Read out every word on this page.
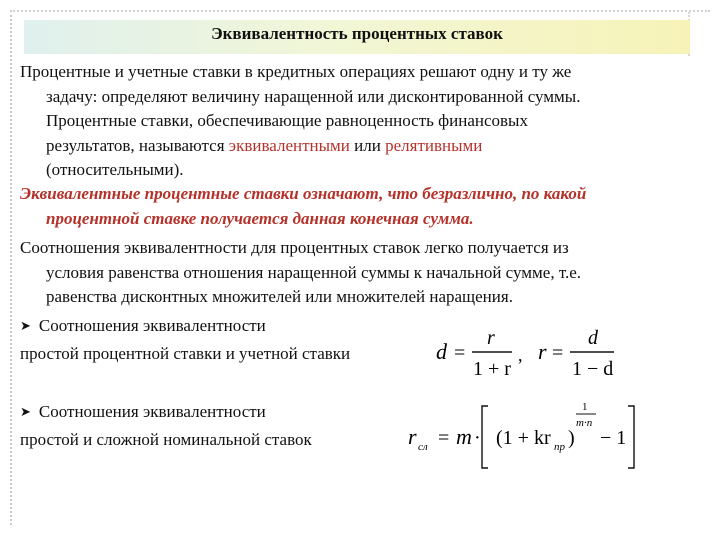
Эквивалентность процентных ставок
Процентные и учетные ставки в кредитных операциях решают одну и ту же
задачу: определяют величину наращенной или дисконтированной суммы.
Процентные ставки, обеспечивающие равноценность финансовых
результатов, называются эквивалентными или релятивными
(относительными).
Эквивалентные процентные ставки означают, что безразлично, по какой
процентной ставке получается данная конечная сумма.
Соотношения эквивалентности для процентных ставок легко получается из
условия равенства отношения наращенной суммы к начальной сумме, т.е.
равенства дисконтных множителей или множителей наращения.
➤ Соотношения эквивалентности
простой процентной ставки и учетной ставки	d =
r
1 + r
, r =
d
1 − d
➤ Соотношения эквивалентности
простой и сложной номинальной ставок	r сл = m · (1 + kr пр )
1
m·n
− 1
